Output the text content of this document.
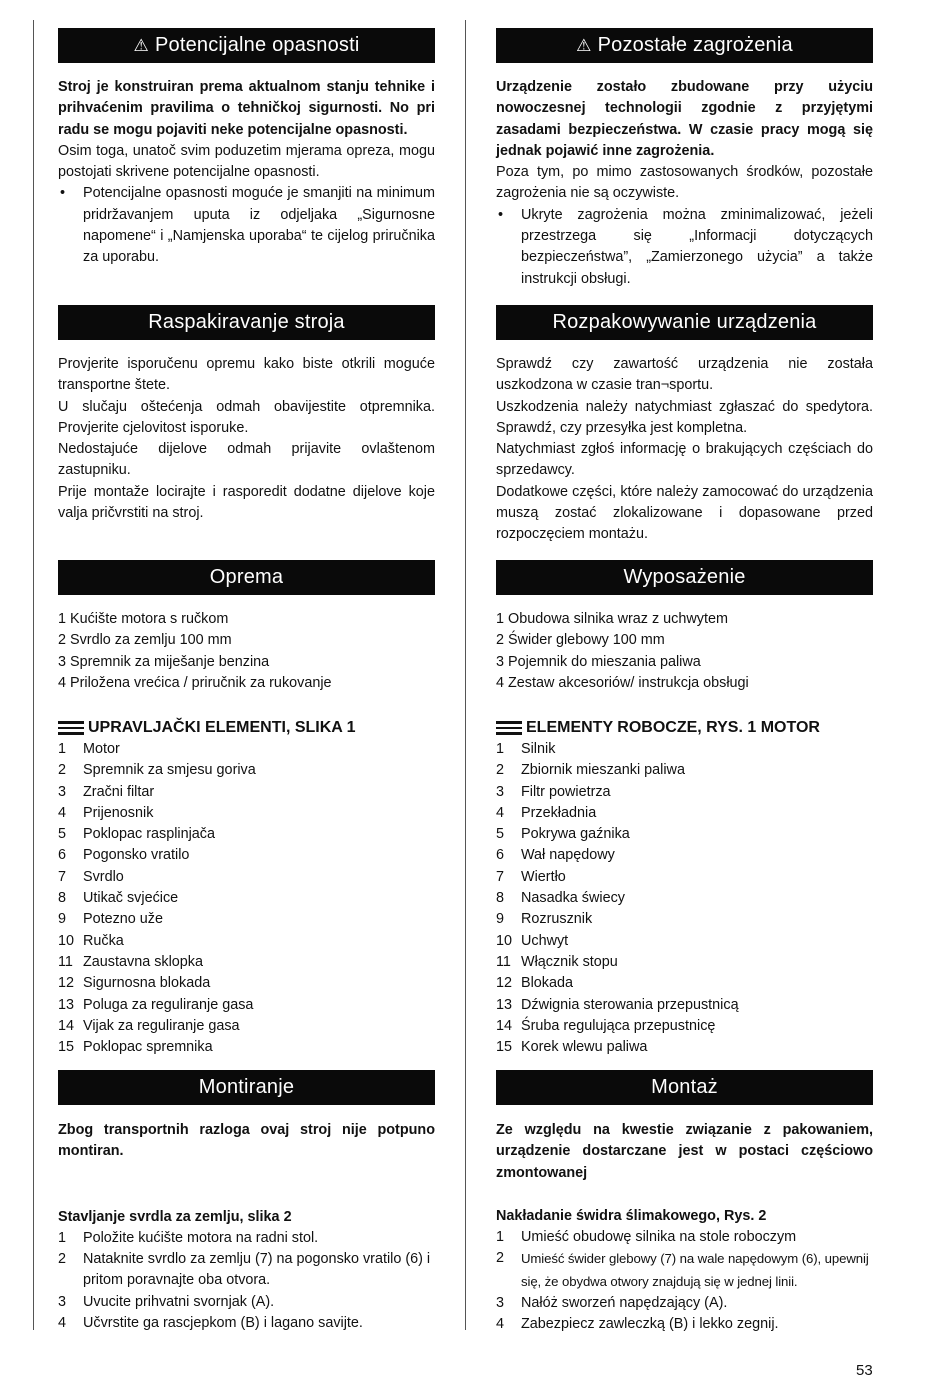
⚠ Potencijalne opasnosti

Stroj je konstruiran prema aktualnom stanju tehnike i prihvaćenim pravilima o tehničkoj sigurnosti. No pri radu se mogu pojaviti neke potencijalne opasnosti.

Osim toga, unatoč svim poduzetim mjerama opreza, mogu postojati skrivene potencijalne opasnosti.

• Potencijalne opasnosti moguće je smanjiti na minimum pridržavanjem uputa iz odjeljaka „Sigurnosne napomene“ i „Namjenska uporaba“ te cijelog priručnika za uporabu.
Raspakiravanje stroja

Provjerite isporučenu opremu kako biste otkrili moguće transportne štete.

U slučaju oštećenja odmah obavijestite otpremnika. Provjerite cjelovitost isporuke.

Nedostajuće dijelove odmah prijavite ovlaštenom zastupniku.

Prije montaže locirajte i rasporedit dodatne dijelove koje valja pričvrstiti na stroj.

Oprema
1 Kućište motora s ručkom
2 Svrdlo za zemlju 100 mm
3 Spremnik za miješanje benzina
4 Priložena vrećica / priručnik za rukovanje
UPRAVLJAČKI ELEMENTI, SLIKA 1
1 Motor
2 Spremnik za smjesu goriva
3 Zračni filtar
4 Prijenosnik
5 Poklopac rasplinjača
6 Pogonsko vratilo
7 Svrdlo
8 Utikač svjećice
9 Potezno uže
10 Ručka
11 Zaustavna sklopka
12 Sigurnosna blokada
13 Poluga za reguliranje gasa
14 Vijak za reguliranje gasa
15 Poklopac spremnika
Montiranje

Zbog transportnih razloga ovaj stroj nije potpuno montiran.

Stavljanje svrdla za zemlju, slika 2

1 Položite kućište motora na radni stol.
2 Nataknite svrdlo za zemlju (7) na pogonsko vratilo (6) i pritom poravnajte oba otvora.
3 Uvucite prihvatni svornjak (A).
4 Učvrstite ga rascjepkom (B) i lagano savijte.
⚠ Pozostałe zagrożenia

Urządzenie zostało zbudowane przy użyciu nowoczesnej technologii zgodnie z przyjętymi zasadami bezpieczeństwa. W czasie pracy mogą się jednak pojawić inne zagrożenia.

Poza tym, po mimo zastosowanych środków, pozostałe zagrożenia nie są oczywiste.

• Ukryte zagrożenia można zminimalizować, jeżeli przestrzega się „Informacji dotyczących bezpieczeństwa”, „Zamierzonego użycia” a także instrukcji obsługi.
Rozpakowywanie urządzenia

Sprawdź czy zawartość urządzenia nie została uszkodzona w czasie tran¬sportu.

Uszkodzenia należy natychmiast zgłaszać do spedytora. Sprawdź, czy przesyłka jest kompletna.

Natychmiast zgłoś informację o brakujących częściach do sprzedawcy.

Dodatkowe części, które należy zamocować do urządzenia muszą zostać zlokalizowane i dopasowane przed rozpoczęciem montażu.

Wyposażenie
1 Obudowa silnika wraz z uchwytem
2 Świder glebowy 100 mm
3 Pojemnik do mieszania paliwa
4 Zestaw akcesoriów/ instrukcja obsługi
ELEMENTY ROBOCZE, RYS. 1 MOTOR
1 Silnik
2 Zbiornik mieszanki paliwa
3 Filtr powietrza
4 Przekładnia
5 Pokrywa gaźnika
6 Wał napędowy
7 Wiertło
8 Nasadka świecy
9 Rozrusznik
10 Uchwyt
11 Włącznik stopu
12 Blokada
13 Dźwignia sterowania przepustnicą
14 Śruba regulująca przepustnicę
15 Korek wlewu paliwa
Montaż

Ze względu na kwestie związanie z pakowaniem, urządzenie dostarczane jest w postaci częściowo zmontowanej

Nakładanie świdra ślimakowego, Rys. 2

1 Umieść obudowę silnika na stole roboczym
2 Umieść świder glebowy (7) na wale napędowym (6), upewnij się, że obydwa otwory znajdują się w jednej linii.
3 Nałóż sworzeń napędzający (A).
4 Zabezpiecz zawleczką (B) i lekko zegnij.
53
